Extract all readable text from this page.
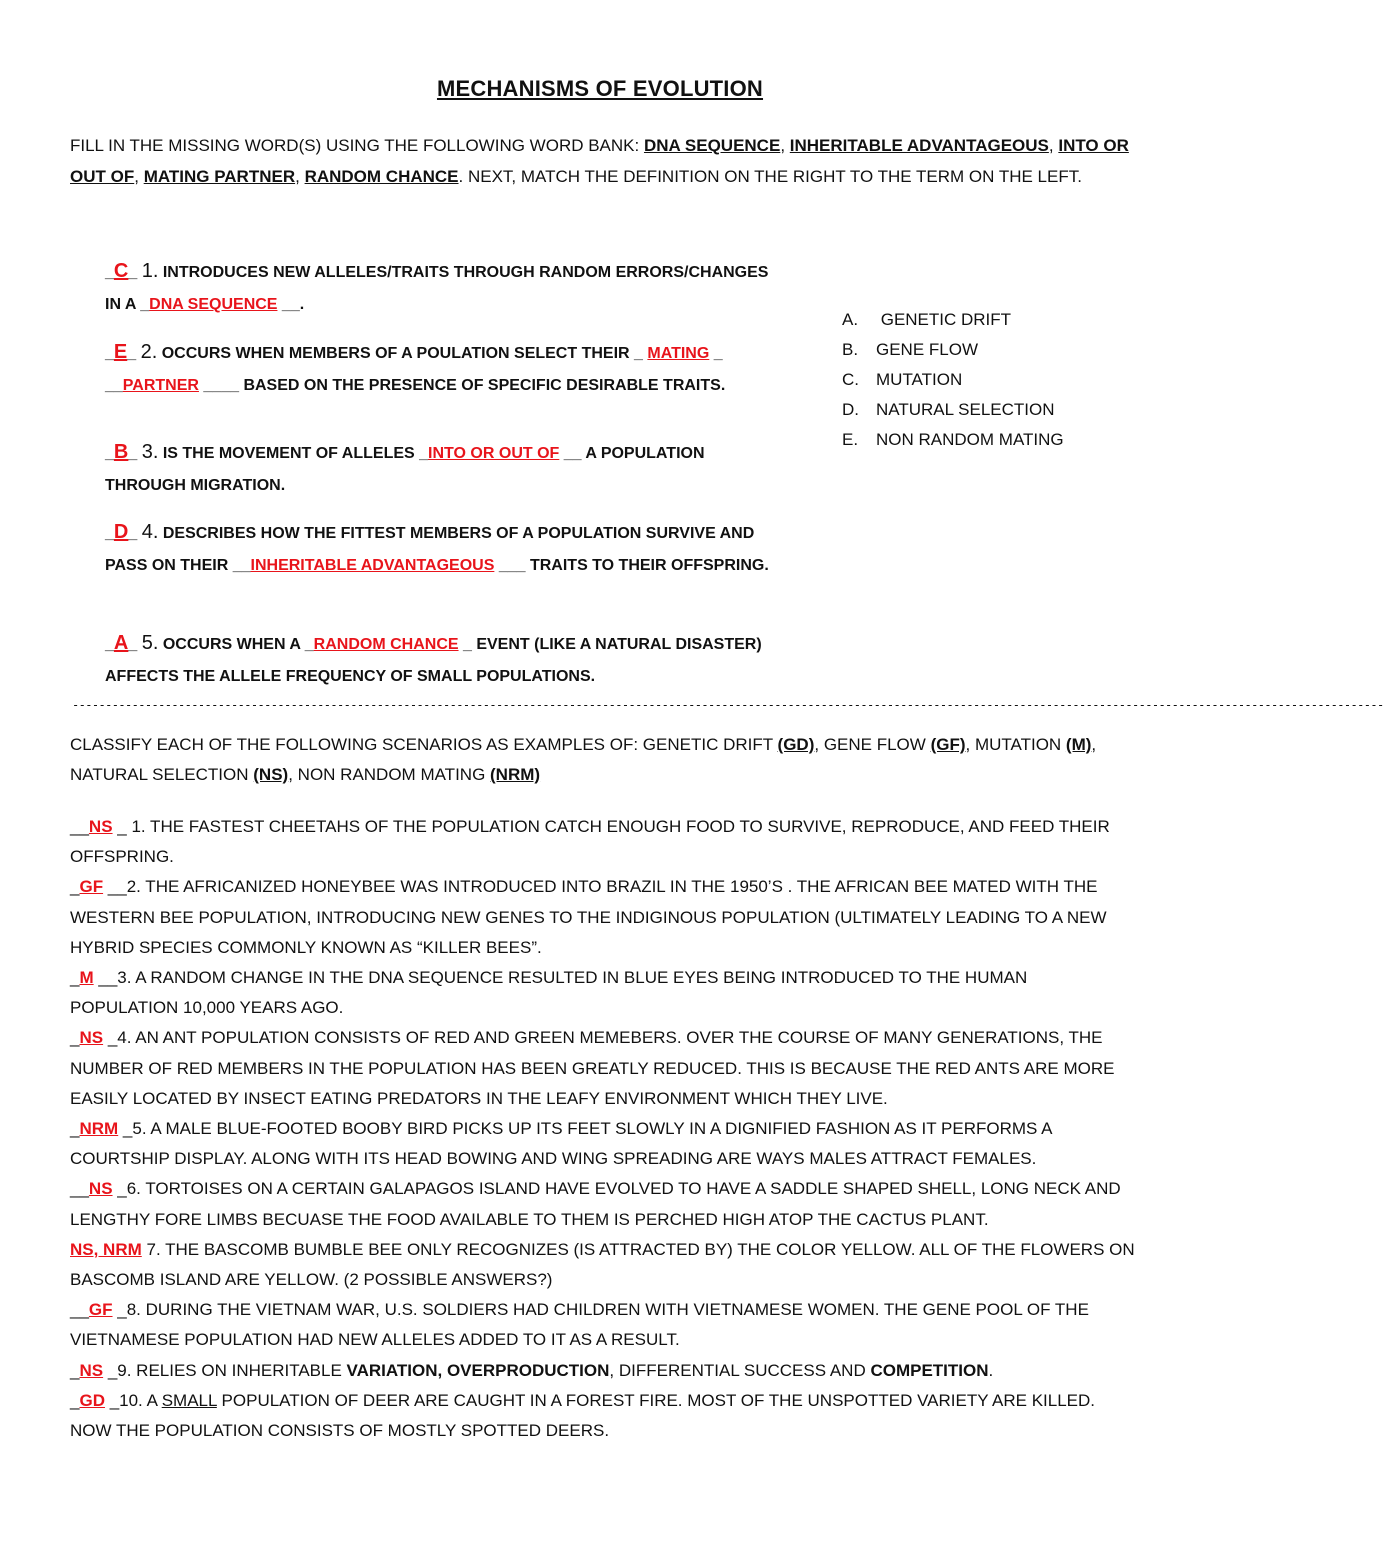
MECHANISMS OF EVOLUTION
FILL IN THE MISSING WORD(S) USING THE FOLLOWING WORD BANK: DNA SEQUENCE, INHERITABLE ADVANTAGEOUS, INTO OR OUT OF, MATING PARTNER, RANDOM CHANCE. NEXT, MATCH THE DEFINITION ON THE RIGHT TO THE TERM ON THE LEFT.
_C_ 1. INTRODUCES NEW ALLELES/TRAITS THROUGH RANDOM ERRORS/CHANGES IN A _DNA SEQUENCE __.
_E_ 2. OCCURS WHEN MEMBERS OF A POULATION SELECT THEIR _ MATING _ __PARTNER ____ BASED ON THE PRESENCE OF SPECIFIC DESIRABLE TRAITS.
_B_ 3. IS THE MOVEMENT OF ALLELES _INTO OR OUT OF __ A POPULATION THROUGH MIGRATION.
_D_ 4. DESCRIBES HOW THE FITTEST MEMBERS OF A POPULATION SURVIVE AND PASS ON THEIR __INHERITABLE ADVANTAGEOUS ___ TRAITS TO THEIR OFFSPRING.
_A_ 5. OCCURS WHEN A _RANDOM CHANCE _ EVENT (LIKE A NATURAL DISASTER) AFFECTS THE ALLELE FREQUENCY OF SMALL POPULATIONS.
A. GENETIC DRIFT
B. GENE FLOW
C. MUTATION
D. NATURAL SELECTION
E. NON RANDOM MATING
------------------------------------------------------------------------------------------------------------------------------------------------------------------------------------------------------
CLASSIFY EACH OF THE FOLLOWING SCENARIOS AS EXAMPLES OF: GENETIC DRIFT (GD), GENE FLOW (GF), MUTATION (M), NATURAL SELECTION (NS), NON RANDOM MATING (NRM)

__NS _ 1. THE FASTEST CHEETAHS OF THE POPULATION CATCH ENOUGH FOOD TO SURVIVE, REPRODUCE, AND FEED THEIR OFFSPRING.

_GF __2. THE AFRICANIZED HONEYBEE WAS INTRODUCED INTO BRAZIL IN THE 1950’S . THE AFRICAN BEE MATED WITH THE WESTERN BEE POPULATION, INTRODUCING NEW GENES TO THE INDIGINOUS POPULATION (ULTIMATELY LEADING TO A NEW HYBRID SPECIES COMMONLY KNOWN AS “KILLER BEES”.

_M __3. A RANDOM CHANGE IN THE DNA SEQUENCE RESULTED IN BLUE EYES BEING INTRODUCED TO THE HUMAN POPULATION 10,000 YEARS AGO.

_NS _4. AN ANT POPULATION CONSISTS OF RED AND GREEN MEMEBERS. OVER THE COURSE OF MANY GENERATIONS, THE NUMBER OF RED MEMBERS IN THE POPULATION HAS BEEN GREATLY REDUCED. THIS IS BECAUSE THE RED ANTS ARE MORE EASILY LOCATED BY INSECT EATING PREDATORS IN THE LEAFY ENVIRONMENT WHICH THEY LIVE.

_NRM _5. A MALE BLUE-FOOTED BOOBY BIRD PICKS UP ITS FEET SLOWLY IN A DIGNIFIED FASHION AS IT PERFORMS A COURTSHIP DISPLAY. ALONG WITH ITS HEAD BOWING AND WING SPREADING ARE WAYS MALES ATTRACT FEMALES.

__NS _6. TORTOISES ON A CERTAIN GALAPAGOS ISLAND HAVE EVOLVED TO HAVE A SADDLE SHAPED SHELL, LONG NECK AND LENGTHY FORE LIMBS BECUASE THE FOOD AVAILABLE TO THEM IS PERCHED HIGH ATOP THE CACTUS PLANT.

NS, NRM 7. THE BASCOMB BUMBLE BEE ONLY RECOGNIZES (IS ATTRACTED BY) THE COLOR YELLOW. ALL OF THE FLOWERS ON BASCOMB ISLAND ARE YELLOW. (2 POSSIBLE ANSWERS?)

__GF _8. DURING THE VIETNAM WAR, U.S. SOLDIERS HAD CHILDREN WITH VIETNAMESE WOMEN. THE GENE POOL OF THE VIETNAMESE POPULATION HAD NEW ALLELES ADDED TO IT AS A RESULT.

_NS _9. RELIES ON INHERITABLE VARIATION, OVERPRODUCTION, DIFFERENTIAL SUCCESS AND COMPETITION.

_GD _10. A SMALL POPULATION OF DEER ARE CAUGHT IN A FOREST FIRE. MOST OF THE UNSPOTTED VARIETY ARE KILLED. NOW THE POPULATION CONSISTS OF MOSTLY SPOTTED DEERS.
